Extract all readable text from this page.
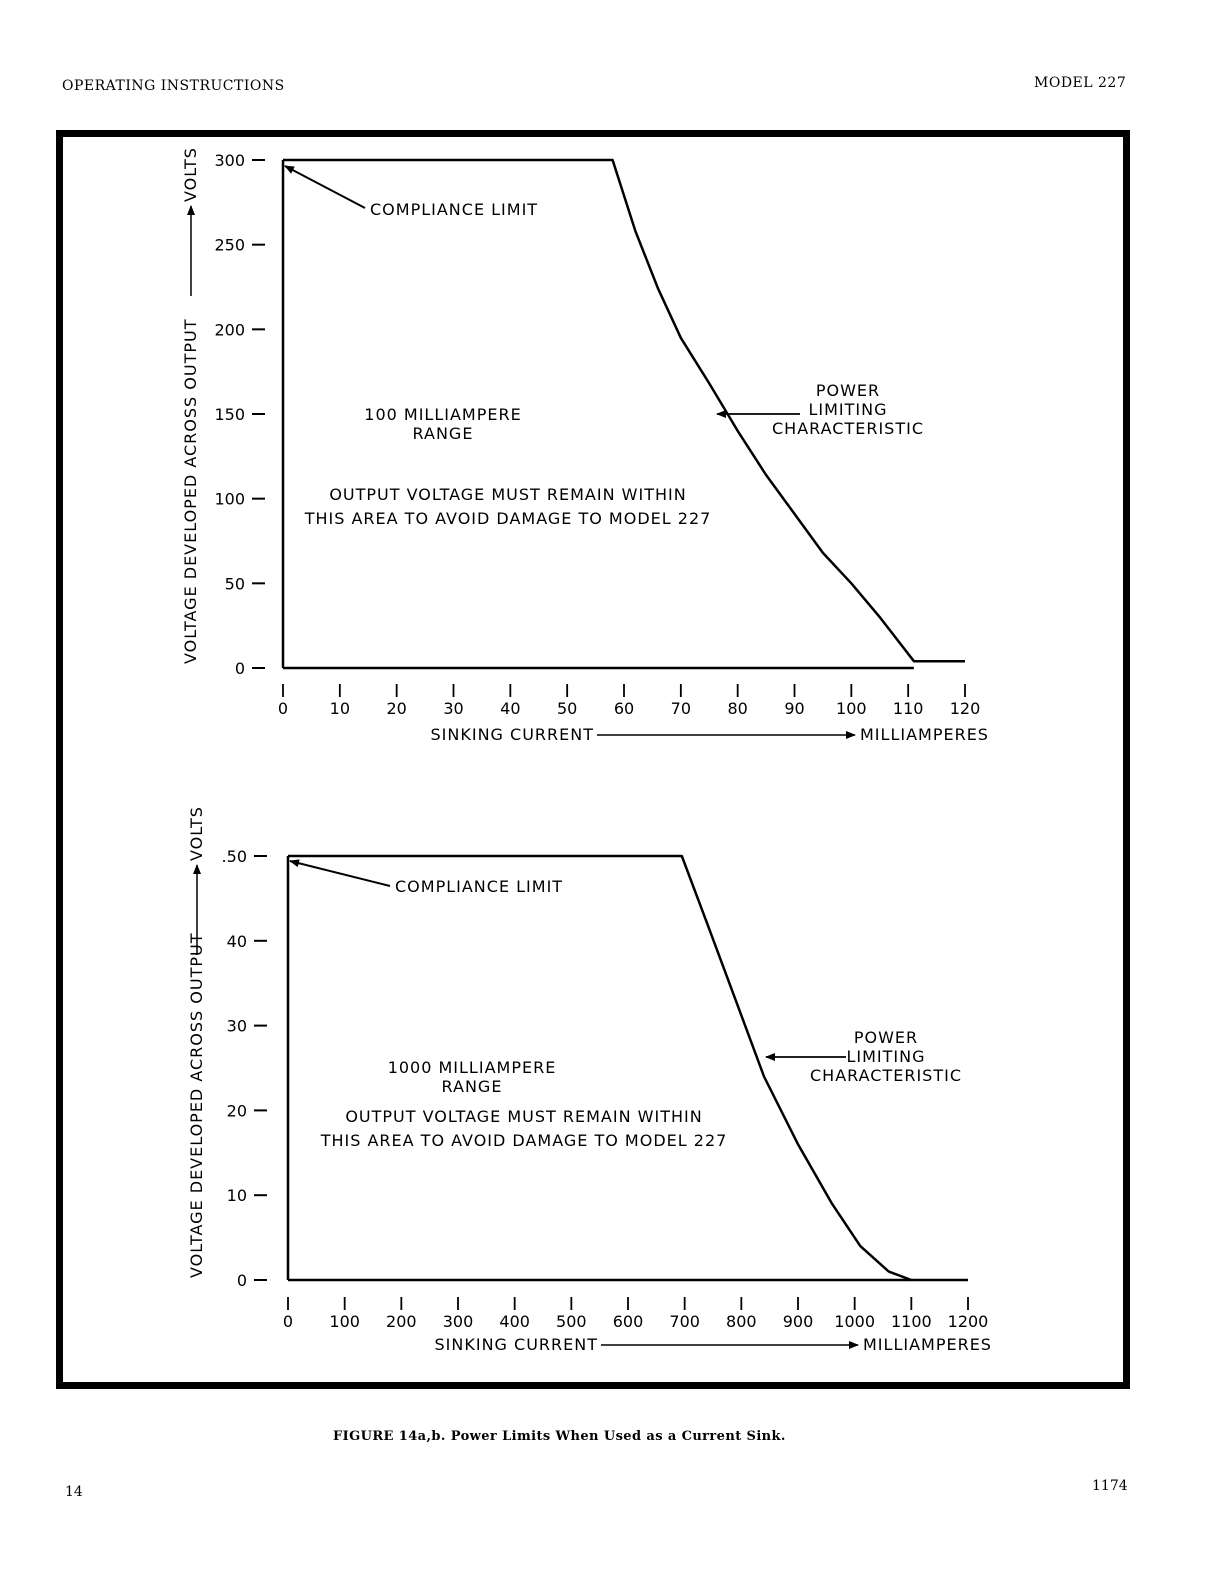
OPERATING INSTRUCTIONS	MODEL 227
0
50
100
150
200
250
300
0	10 20 30 40 50 60 70 80 90 100 110 120
SINKING CURRENT	MILLIAMPERES
VOLTAGE DEVELOPED ACROSS OUTPUT
VOLTS
COMPLIANCE LIMIT
POWER
LIMITING
CHARACTERISTIC
100 MILLIAMPERE
RANGE
OUTPUT VOLTAGE MUST REMAIN WITHIN
THIS AREA TO AVOID DAMAGE TO MODEL 227
0
10
20
30
40
.50
0 100 200 300 400 500 600 700 800 900 1000 1100 1200
SINKING CURRENT	MILLIAMPERES
VOLTAGE DEVELOPED ACROSS OUTPUT
VOLTS
COMPLIANCE LIMIT
POWER
LIMITING
CHARACTERISTIC
1000 MILLIAMPERE
RANGE
OUTPUT VOLTAGE MUST REMAIN WITHIN
THIS AREA TO AVOID DAMAGE TO MODEL 227
FIGURE 14a,b. Power Limits When Used as a Current Sink.
14	1174
